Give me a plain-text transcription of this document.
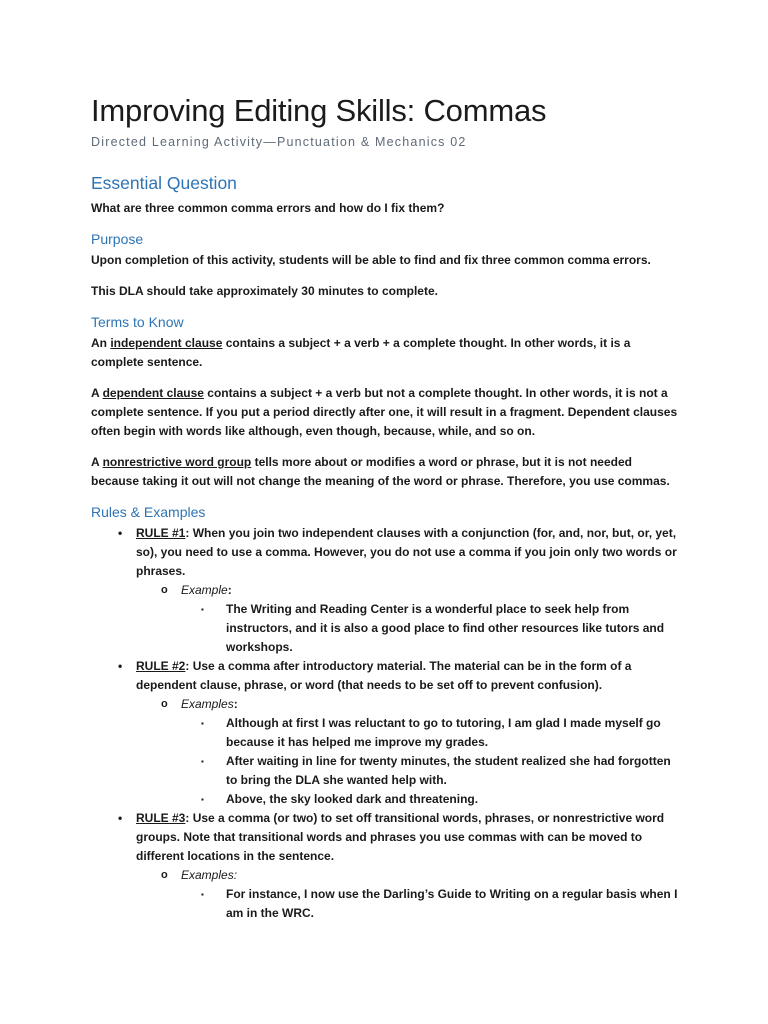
Improving Editing Skills: Commas
Directed Learning Activity—Punctuation & Mechanics 02
Essential Question

What are three common comma errors and how do I fix them?

Purpose

Upon completion of this activity, students will be able to find and fix three common comma errors.

This DLA should take approximately 30 minutes to complete.

Terms to Know

An independent clause contains a subject + a verb + a complete thought. In other words, it is a complete sentence.

A dependent clause contains a subject + a verb but not a complete thought. In other words, it is not a complete sentence. If you put a period directly after one, it will result in a fragment. Dependent clauses often begin with words like although, even though, because, while, and so on.

A nonrestrictive word group tells more about or modifies a word or phrase, but it is not needed because taking it out will not change the meaning of the word or phrase. Therefore, you use commas.

Rules & Examples
• RULE #1: When you join two independent clauses with a conjunction (for, and, nor, but, or, yet, so), you need to use a comma. However, you do not use a comma if you join only two words or phrases.
o Example:
▪ The Writing and Reading Center is a wonderful place to seek help from instructors, and it is also a good place to find other resources like tutors and workshops.
• RULE #2: Use a comma after introductory material. The material can be in the form of a dependent clause, phrase, or word (that needs to be set off to prevent confusion).
o Examples:
▪ Although at first I was reluctant to go to tutoring, I am glad I made myself go because it has helped me improve my grades.
▪ After waiting in line for twenty minutes, the student realized she had forgotten to bring the DLA she wanted help with.
▪ Above, the sky looked dark and threatening.
• RULE #3: Use a comma (or two) to set off transitional words, phrases, or nonrestrictive word groups. Note that transitional words and phrases you use commas with can be moved to different locations in the sentence.
o Examples:
▪ For instance, I now use the Darling’s Guide to Writing on a regular basis when I am in the WRC.
